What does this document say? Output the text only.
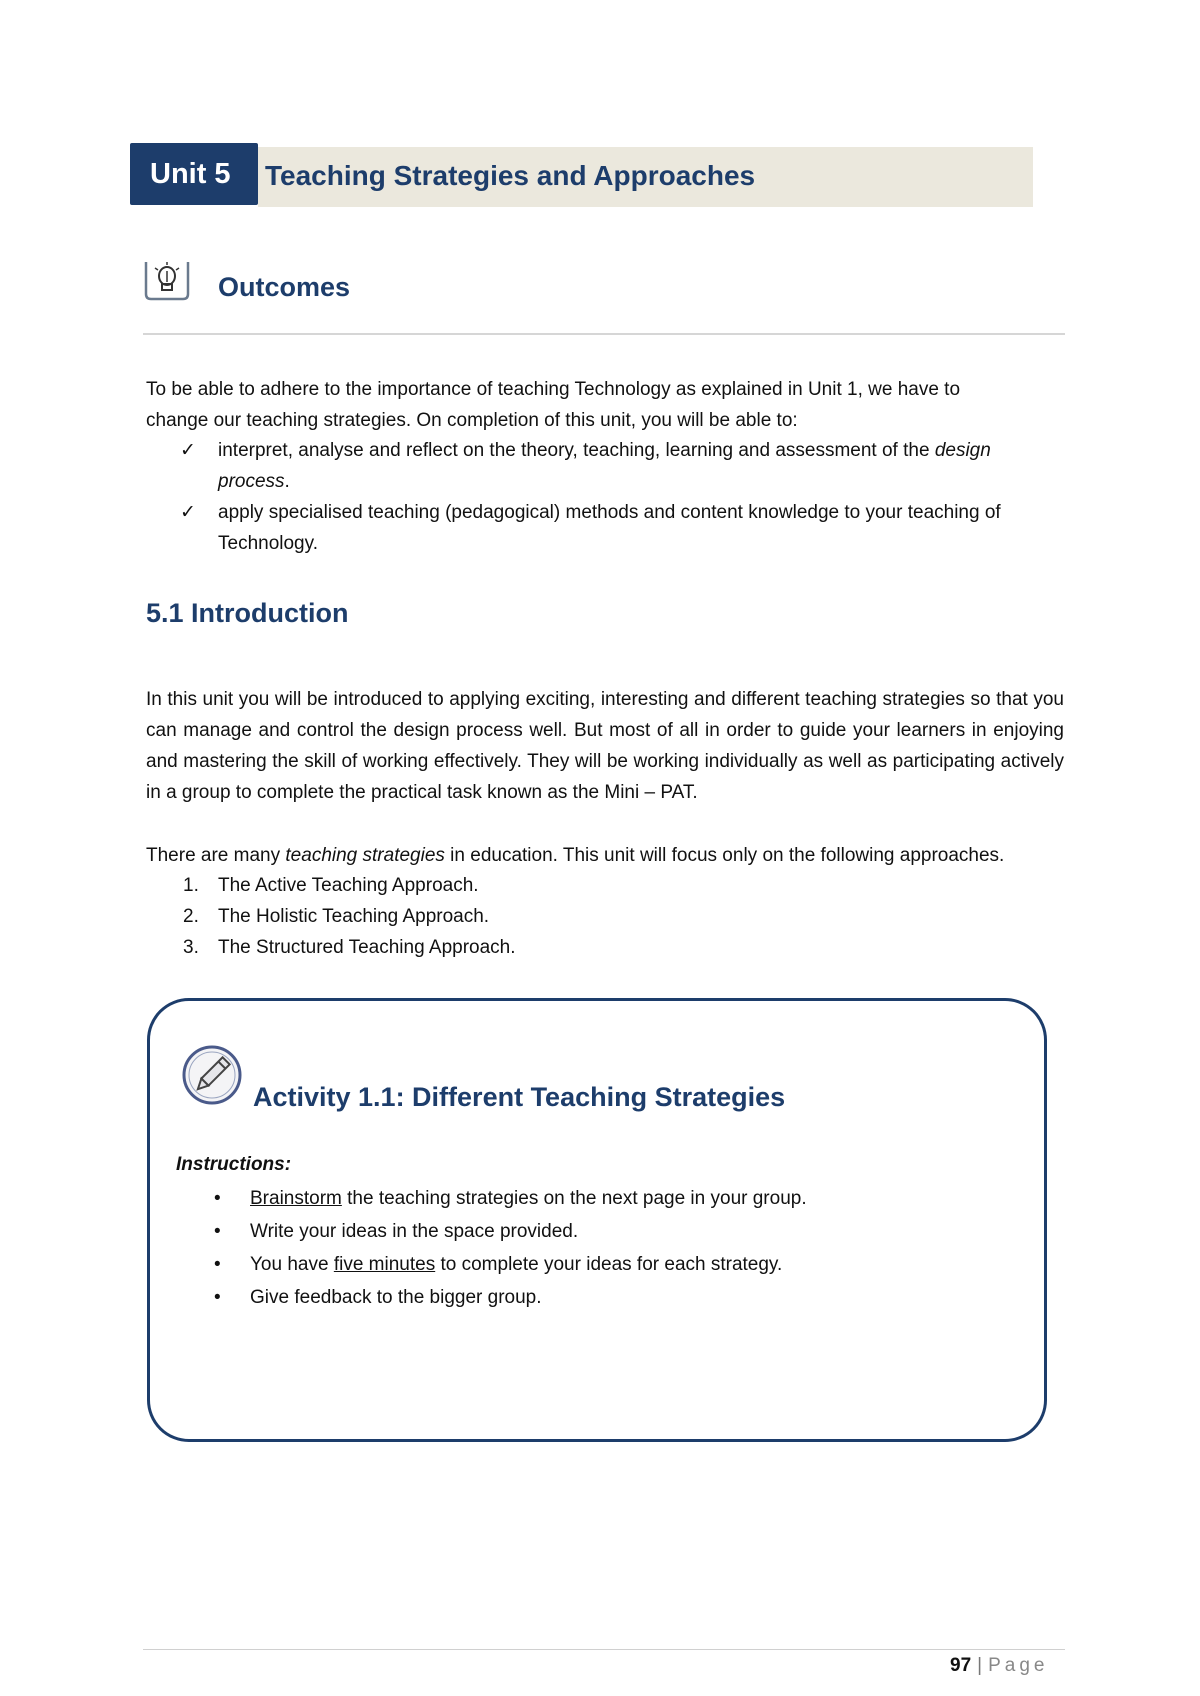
Unit 5	Teaching Strategies and Approaches
Outcomes

To be able to adhere to the importance of teaching Technology as explained in Unit 1, we have to

change our teaching strategies. On completion of this unit, you will be able to:

✓ interpret, analyse and reflect on the theory, teaching, learning and assessment of the design process.
✓ apply specialised teaching (pedagogical) methods and content knowledge to your teaching of Technology.
5.1 Introduction

In this unit you will be introduced to applying exciting, interesting and different teaching strategies so that you can manage and control the design process well. But most of all in order to guide your learners in enjoying and mastering the skill of working effectively. They will be working individually as well as participating actively in a group to complete the practical task known as the Mini – PAT.

There are many teaching strategies in education. This unit will focus only on the following approaches.

1. The Active Teaching Approach.
2. The Holistic Teaching Approach.
3. The Structured Teaching Approach.
Activity 1.1: Different Teaching Strategies
Instructions:
• Brainstorm the teaching strategies on the next page in your group.
• Write your ideas in the space provided.
• You have five minutes to complete your ideas for each strategy.
• Give feedback to the bigger group.
97 | Page
